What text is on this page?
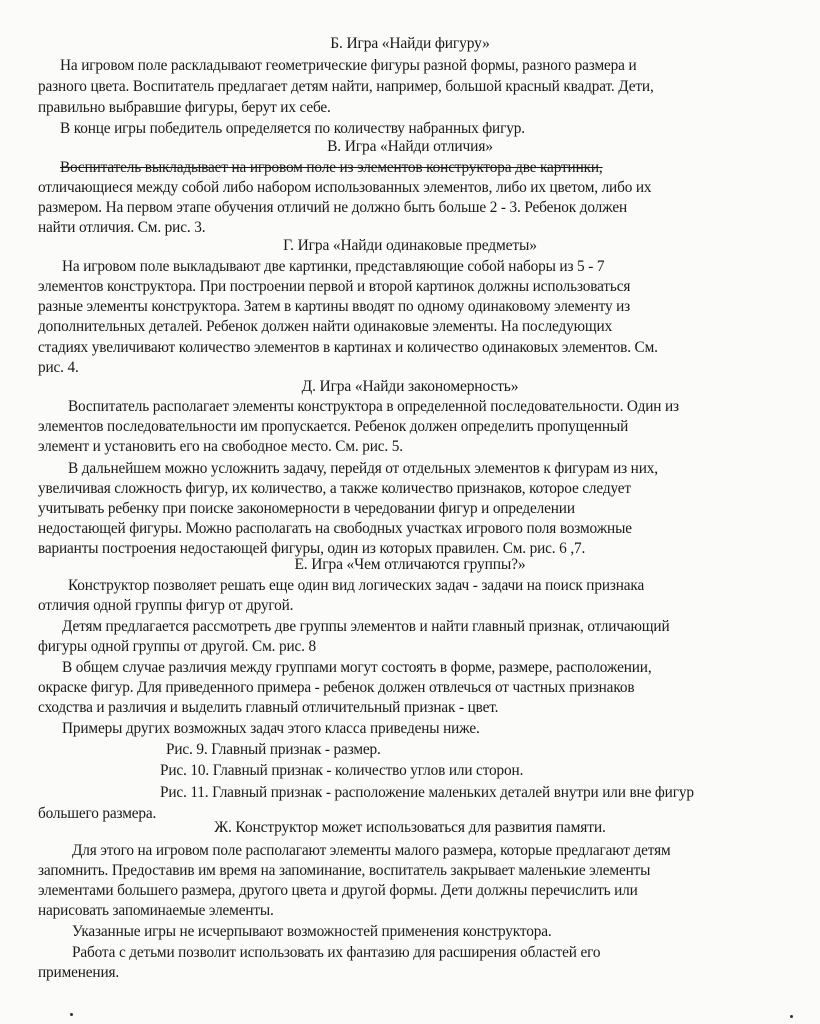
Б. Игра «Найди фигуру»
На игровом поле раскладывают геометрические фигуры разной формы, разного размера и
разного цвета. Воспитатель предлагает детям найти, например, большой красный квадрат. Дети,
правильно выбравшие фигуры, берут их себе.
В конце игры победитель определяется по количеству набранных фигур.
В. Игра «Найди отличия»
Воспитатель выкладывает на игровом поле из элементов конструктора две картинки,
отличающиеся между собой либо набором использованных элементов, либо их цветом, либо их
размером. На первом этапе обучения отличий не должно быть больше 2 - 3. Ребенок должен
найти отличия. См. рис. 3.
Г. Игра «Найди одинаковые предметы»
На игровом поле выкладывают две картинки, представляющие собой наборы из 5 - 7
элементов конструктора. При построении первой и второй картинок должны использоваться
разные элементы конструктора. Затем в картины вводят по одному одинаковому элементу из
дополнительных деталей. Ребенок должен найти одинаковые элементы. На последующих
стадиях увеличивают количество элементов в картинах и количество одинаковых элементов. См.
рис. 4.
Д. Игра «Найди закономерность»
Воспитатель располагает элементы конструктора в определенной последовательности. Один из
элементов последовательности им пропускается. Ребенок должен определить пропущенный
элемент и установить его на свободное место. См. рис. 5.
В дальнейшем можно усложнить задачу, перейдя от отдельных элементов к фигурам из них,
увеличивая сложность фигур, их количество, а также количество признаков, которое следует
учитывать ребенку при поиске закономерности в чередовании фигур и определении
недостающей фигуры. Можно располагать на свободных участках игрового поля возможные
варианты построения недостающей фигуры, один из которых правилен. См. рис. 6 ,7.
Е. Игра «Чем отличаются группы?»
Конструктор позволяет решать еще один вид логических задач - задачи на поиск признака
отличия одной группы фигур от другой.
Детям предлагается рассмотреть две группы элементов и найти главный признак, отличающий
фигуры одной группы от другой. См. рис. 8
В общем случае различия между группами могут состоять в форме, размере, расположении,
окраске фигур. Для приведенного примера - ребенок должен отвлечься от частных признаков
сходства и различия и выделить главный отличительный признак - цвет.
Примеры других возможных задач этого класса приведены ниже.
Рис. 9. Главный признак - размер.
Рис. 10. Главный признак - количество углов или сторон.
Рис. 11. Главный признак - расположение маленьких деталей внутри или вне фигур
большего размера.
Ж. Конструктор может использоваться для развития памяти.
Для этого на игровом поле располагают элементы малого размера, которые предлагают детям
запомнить. Предоставив им время на запоминание, воспитатель закрывает маленькие элементы
элементами большего размера, другого цвета и другой формы. Дети должны перечислить или
нарисовать запоминаемые элементы.
Указанные игры не исчерпывают возможностей применения конструктора.
Работа с детьми позволит использовать их фантазию для расширения областей его
применения.
